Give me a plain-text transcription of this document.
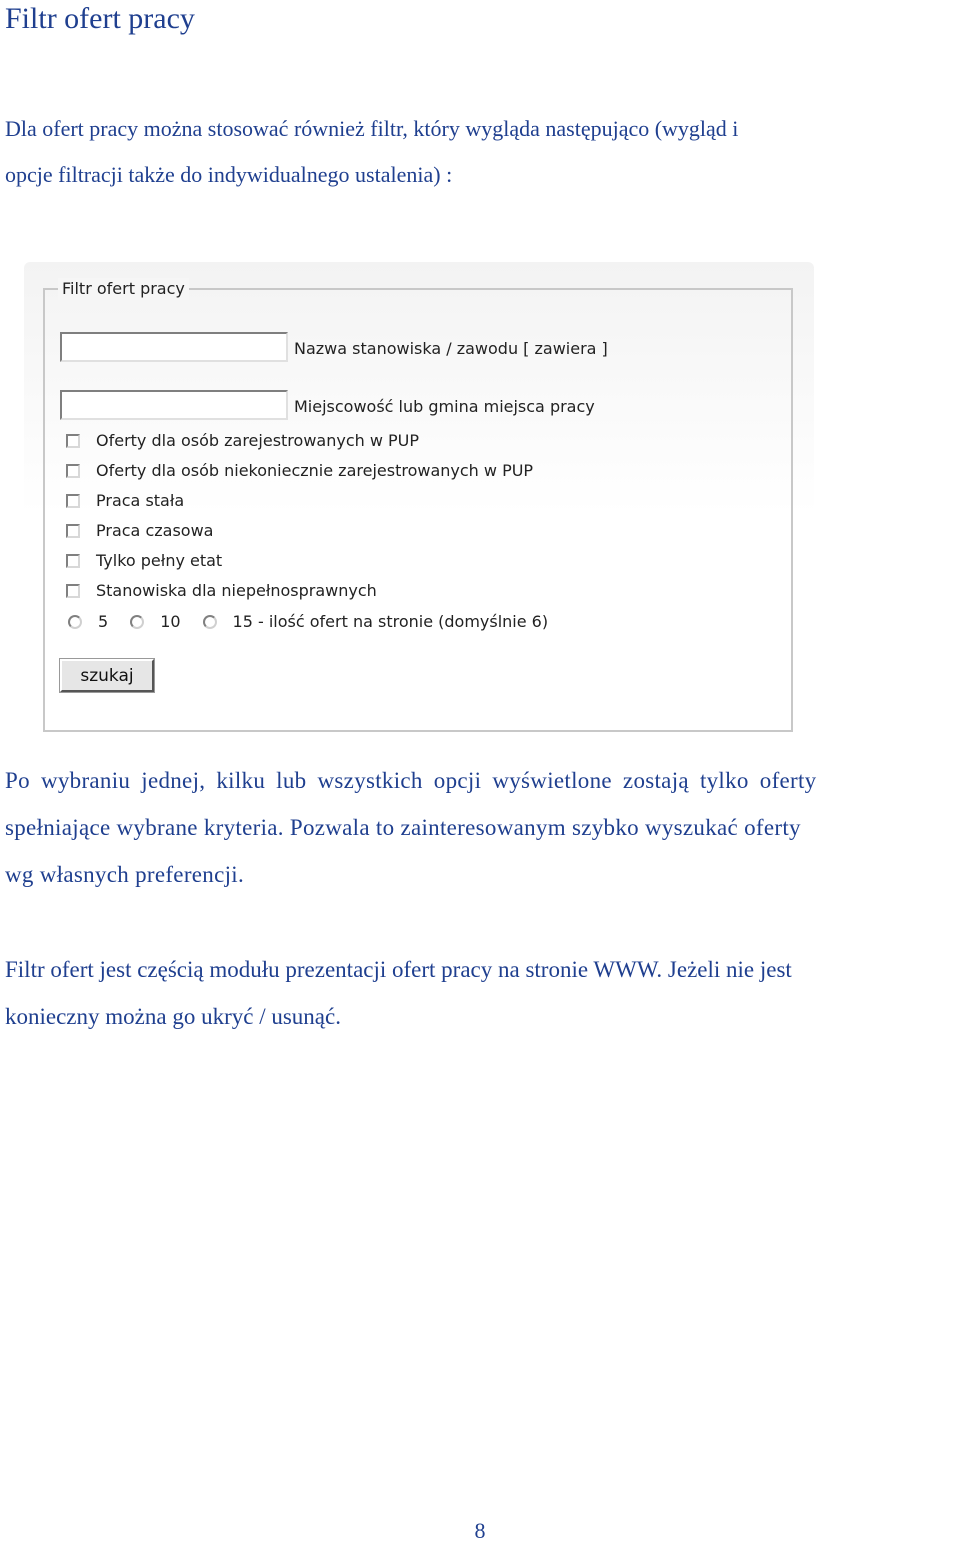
Filtr ofert pracy
Dla ofert pracy można stosować również filtr, który wygląda następująco (wygląd i
opcje filtracji także do indywidualnego ustalenia) :
Filtr ofert pracy
Nazwa stanowiska / zawodu [ zawiera ]
Miejscowość lub gmina miejsca pracy
Oferty dla osób zarejestrowanych w PUP
Oferty dla osób niekoniecznie zarejestrowanych w PUP
Praca stała
Praca czasowa
Tylko pełny etat
Stanowiska dla niepełnosprawnych
5	10	15 - ilość ofert na stronie (domyślnie 6)
szukaj
Po wybraniu jednej, kilku lub wszystkich opcji wyświetlone zostają tylko oferty
spełniające wybrane kryteria. Pozwala to zainteresowanym szybko wyszukać oferty
wg własnych preferencji.
Filtr ofert jest częścią modułu prezentacji ofert pracy na stronie WWW. Jeżeli nie jest
konieczny można go ukryć / usunąć.
8
